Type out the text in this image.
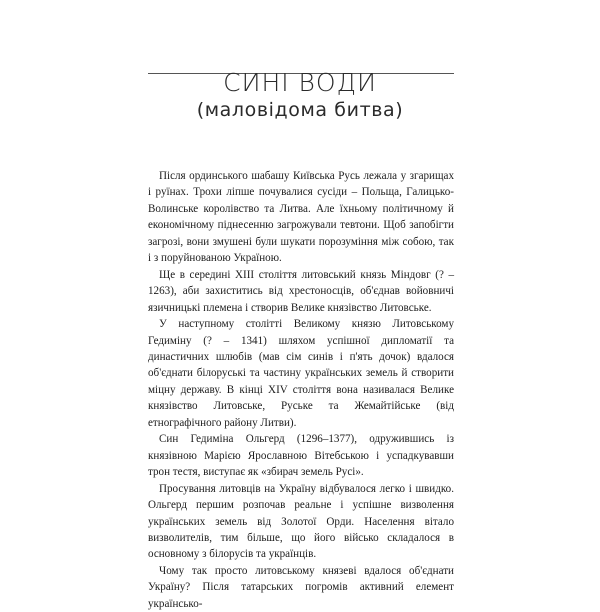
СИНІ ВОДИ
(маловідома битва)

Після ординського шабашу Київська Русь лежала у згарищах і руїнах. Трохи ліпше почувалися сусіди – Польща, Галицько-Волинське королівство та Литва. Але їхньому політичному й економічному піднесенню загрожували тевтони. Щоб запобігти загрозі, вони змушені були шукати порозуміння між собою, так і з поруйнованою Україною.

Ще в середині XIII століття литовський князь Міндовг (? – 1263), аби захиститись від хрестоносців, об'єднав войовничі язичницькі племена і створив Велике князівство Литовське.

У наступному столітті Великому князю Литовському Гедиміну (? – 1341) шляхом успішної дипломатії та династичних шлюбів (мав сім синів і п'ять дочок) вдалося об'єднати білоруські та частину українських земель й створити міцну державу. В кінці XIV століття вона називалася Велике князівство Литовське, Руське та Жемайтійське (від етнографічного району Литви).

Син Гедиміна Ольгерд (1296–1377), одружившись із князівною Марією Ярославною Вітебською і успадкувавши трон тестя, виступає як «збирач земель Русі».

Просування литовців на Україну відбувалося легко і швидко. Ольгерд першим розпочав реальне і успішне визволення українських земель від Золотої Орди. Населення вітало визволителів, тим більше, що його військо складалося в основному з білорусів та українців.

Чому так просто литовському князеві вдалося об'єднати Україну? Після татарських погромів активний елемент українсько-
